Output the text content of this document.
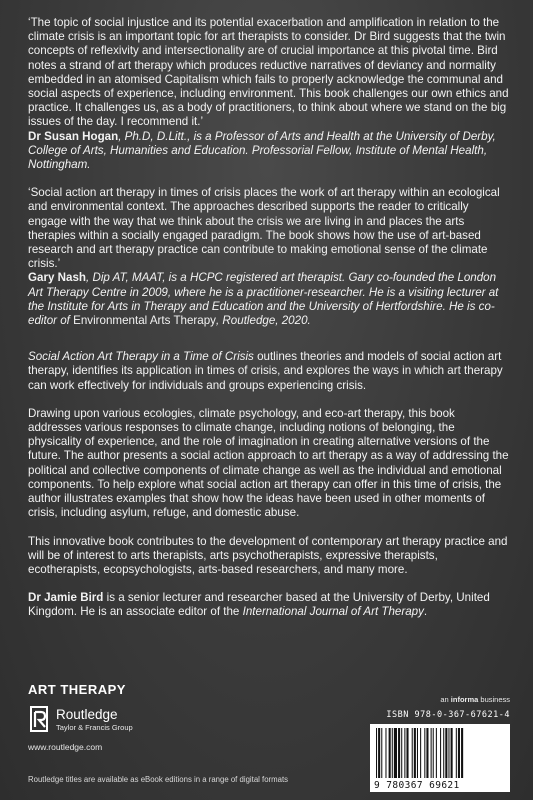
‘The topic of social injustice and its potential exacerbation and amplification in relation to the climate crisis is an important topic for art therapists to consider. Dr Bird suggests that the twin concepts of reflexivity and intersectionality are of crucial importance at this pivotal time. Bird notes a strand of art therapy which produces reductive narratives of deviancy and normality embedded in an atomised Capitalism which fails to properly acknowledge the communal and social aspects of experience, including environment. This book challenges our own ethics and practice. It challenges us, as a body of practitioners, to think about where we stand on the big issues of the day. I recommend it.’
Dr Susan Hogan, Ph.D, D.Litt., is a Professor of Arts and Health at the University of Derby, College of Arts, Humanities and Education. Professorial Fellow, Institute of Mental Health, Nottingham.

‘Social action art therapy in times of crisis places the work of art therapy within an ecological and environmental context. The approaches described supports the reader to critically engage with the way that we think about the crisis we are living in and places the arts therapies within a socially engaged paradigm. The book shows how the use of art-based research and art therapy practice can contribute to making emotional sense of the climate crisis.’
Gary Nash, Dip AT, MAAT, is a HCPC registered art therapist. Gary co-founded the London Art Therapy Centre in 2009, where he is a practitioner-researcher. He is a visiting lecturer at the Institute for Arts in Therapy and Education and the University of Hertfordshire. He is co-editor of Environmental Arts Therapy, Routledge, 2020.

Social Action Art Therapy in a Time of Crisis outlines theories and models of social action art therapy, identifies its application in times of crisis, and explores the ways in which art therapy can work effectively for individuals and groups experiencing crisis.

Drawing upon various ecologies, climate psychology, and eco-art therapy, this book addresses various responses to climate change, including notions of belonging, the physicality of experience, and the role of imagination in creating alternative versions of the future. The author presents a social action approach to art therapy as a way of addressing the political and collective components of climate change as well as the individual and emotional components. To help explore what social action art therapy can offer in this time of crisis, the author illustrates examples that show how the ideas have been used in other moments of crisis, including asylum, refuge, and domestic abuse.

This innovative book contributes to the development of contemporary art therapy practice and will be of interest to arts therapists, arts psychotherapists, expressive therapists, ecotherapists, ecopsychologists, arts-based researchers, and many more.

Dr Jamie Bird is a senior lecturer and researcher based at the University of Derby, United Kingdom. He is an associate editor of the International Journal of Art Therapy.

ART THERAPY
Routledge
Taylor & Francis Group
www.routledge.com
Routledge titles are available as eBook editions in a range of digital formats
an informa business
ISBN 978-0-367-67621-4
9 780367 69621
